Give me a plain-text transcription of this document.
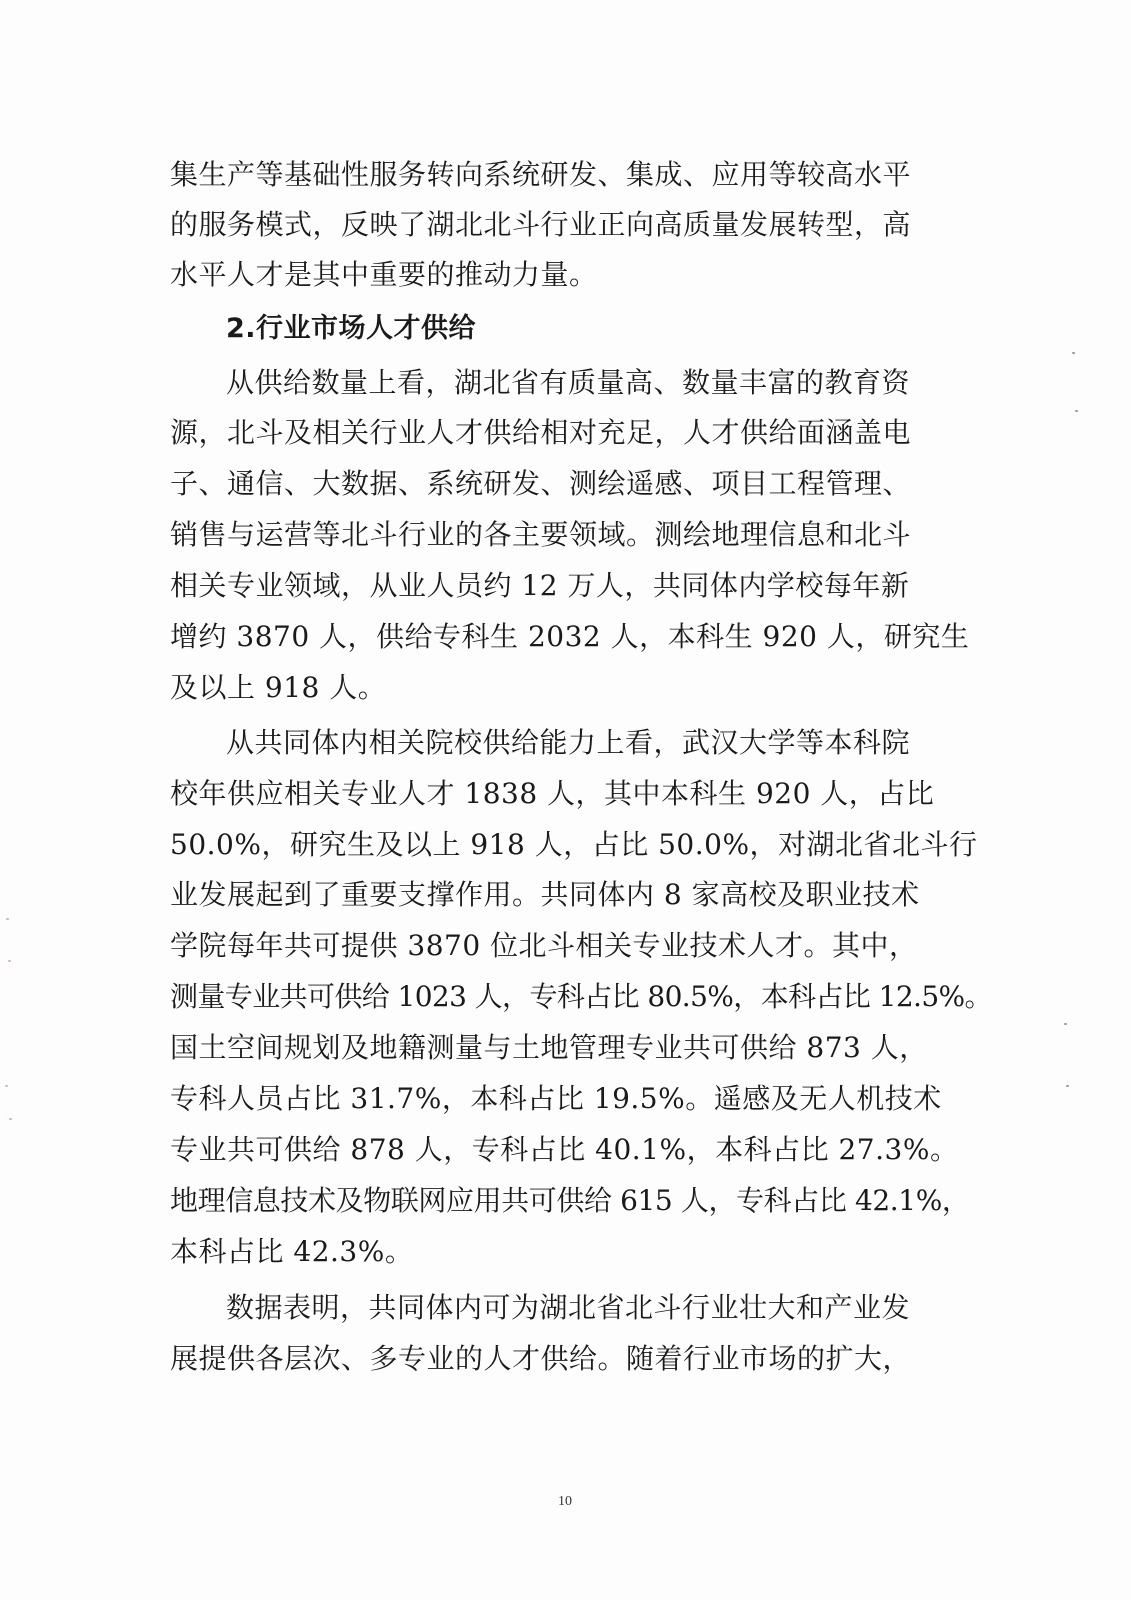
集生产等基础性服务转向系统研发、集成、应用等较高水平
的服务模式，反映了湖北北斗行业正向高质量发展转型，高
水平人才是其中重要的推动力量。
2.行业市场人才供给
从供给数量上看，湖北省有质量高、数量丰富的教育资
源，北斗及相关行业人才供给相对充足，人才供给面涵盖电
子、通信、大数据、系统研发、测绘遥感、项目工程管理、
销售与运营等北斗行业的各主要领域。测绘地理信息和北斗
相关专业领域，从业人员约 12 万人，共同体内学校每年新
增约 3870 人，供给专科生 2032 人，本科生 920 人，研究生
及以上 918 人。
从共同体内相关院校供给能力上看，武汉大学等本科院
校年供应相关专业人才 1838 人，其中本科生 920 人，占比
50.0%，研究生及以上 918 人，占比 50.0%，对湖北省北斗行
业发展起到了重要支撑作用。共同体内 8 家高校及职业技术
学院每年共可提供 3870 位北斗相关专业技术人才。其中，
测量专业共可供给 1023 人，专科占比 80.5%，本科占比 12.5%。
国土空间规划及地籍测量与土地管理专业共可供给 873 人，
专科人员占比 31.7%，本科占比 19.5%。遥感及无人机技术
专业共可供给 878 人，专科占比 40.1%，本科占比 27.3%。
地理信息技术及物联网应用共可供给 615 人，专科占比 42.1%，
本科占比 42.3%。
数据表明，共同体内可为湖北省北斗行业壮大和产业发
展提供各层次、多专业的人才供给。随着行业市场的扩大，
10
